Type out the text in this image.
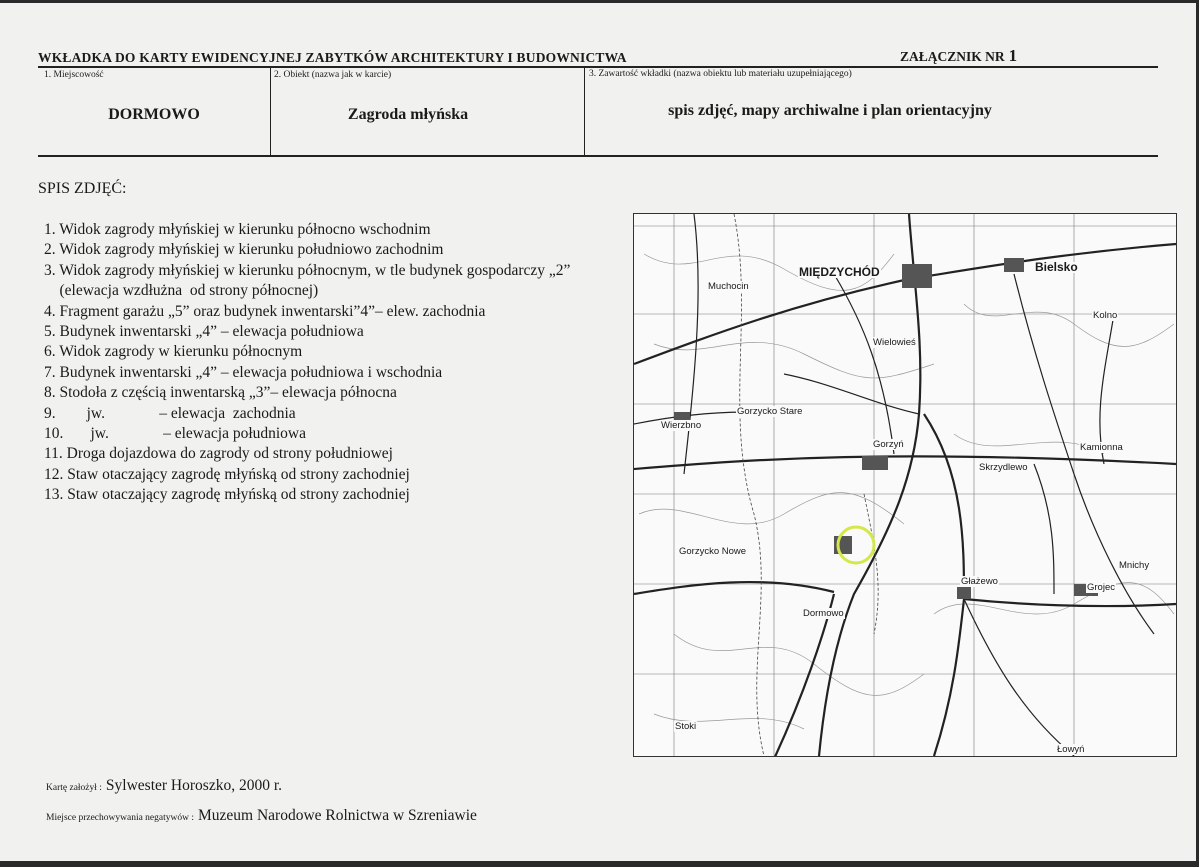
WKŁADKA DO KARTY EWIDENCYJNEJ ZABYTKÓW ARCHITEKTURY I BUDOWNICTWA	ZAŁĄCZNIK NR 1
1. Miejscowość
DORMOWO
2. Obiekt (nazwa jak w karcie)
Zagroda młyńska
3. Zawartość wkładki (nazwa obiektu lub materiału uzupełniającego)
spis zdjęć, mapy archiwalne i plan orientacyjny
SPIS ZDJĘĆ:
1. Widok zagrody młyńskiej w kierunku północno wschodnim
2. Widok zagrody młyńskiej w kierunku południowo zachodnim
3. Widok zagrody młyńskiej w kierunku północnym, w tle budynek gospodarczy „2”
(elewacja wzdłużna  od strony północnej)
4. Fragment garażu „5” oraz budynek inwentarski”4”– elew. zachodnia
5. Budynek inwentarski „4” – elewacja południowa
6. Widok zagrody w kierunku północnym
7. Budynek inwentarski „4” – elewacja południowa i wschodnia
8. Stodoła z częścią inwentarską „3”– elewacja północna
9.        jw.              – elewacja  zachodnia
10.       jw.              – elewacja południowa
11. Droga dojazdowa do zagrody od strony południowej
12. Staw otaczający zagrodę młyńską od strony zachodniej
13. Staw otaczający zagrodę młyńską od strony zachodniej
MIĘDZYCHÓD	Bielsko
Kolno
Muchocin
Wielowieś
Gorzycko Stare
Wierzbno
Gorzyń	Kamionna
Skrzydlewo
Gorzycko Nowe
Dormowo
Głażewo
Grojec
Mnichy
Stoki
Łowyń
Kartę założył : Sylwester Horoszko, 2000 r.
Miejsce przechowywania negatywów : Muzeum Narodowe Rolnictwa w Szreniawie
